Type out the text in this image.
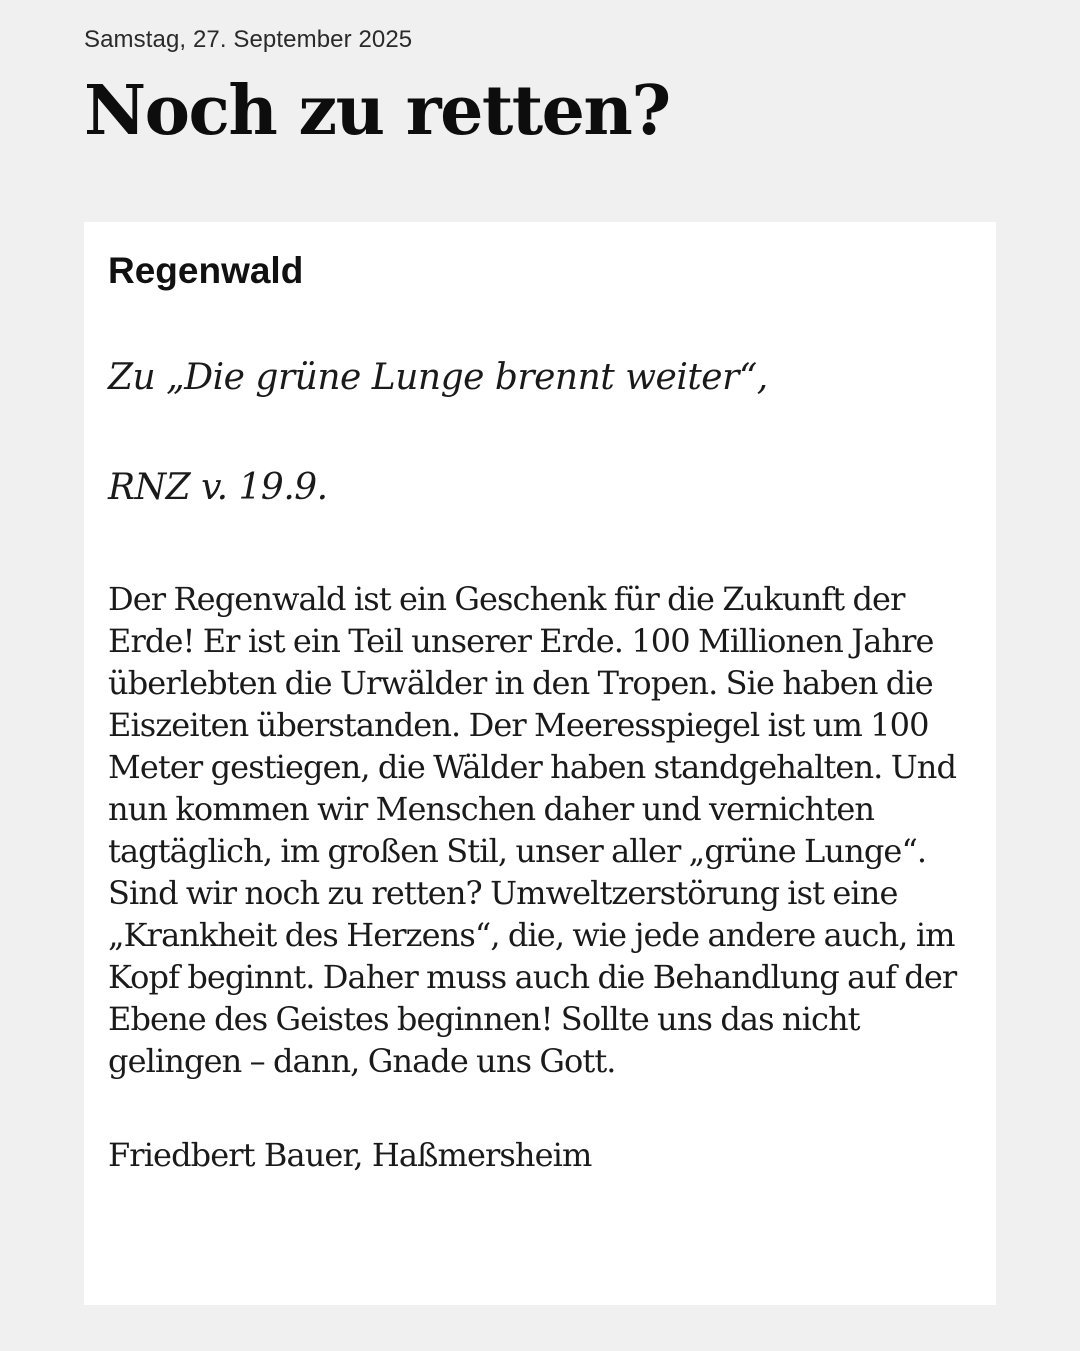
Samstag, 27. September 2025
Noch zu retten?

Regenwald

Zu „Die grüne Lunge brennt weiter“,

RNZ v. 19.9.

Der Regenwald ist ein Geschenk für die Zukunft der Erde! Er ist ein Teil unserer Erde. 100 Millionen Jahre überlebten die Urwälder in den Tropen. Sie haben die Eiszeiten überstanden. Der Meeresspiegel ist um 100 Meter gestiegen, die Wälder haben standgehalten. Und nun kommen wir Menschen daher und vernichten tagtäglich, im großen Stil, unser aller „grüne Lunge“. Sind wir noch zu retten? Umweltzerstörung ist eine „Krankheit des Herzens“, die, wie jede andere auch, im Kopf beginnt. Daher muss auch die Behandlung auf der Ebene des Geistes beginnen! Sollte uns das nicht gelingen – dann, Gnade uns Gott.

Friedbert Bauer, Haßmersheim
